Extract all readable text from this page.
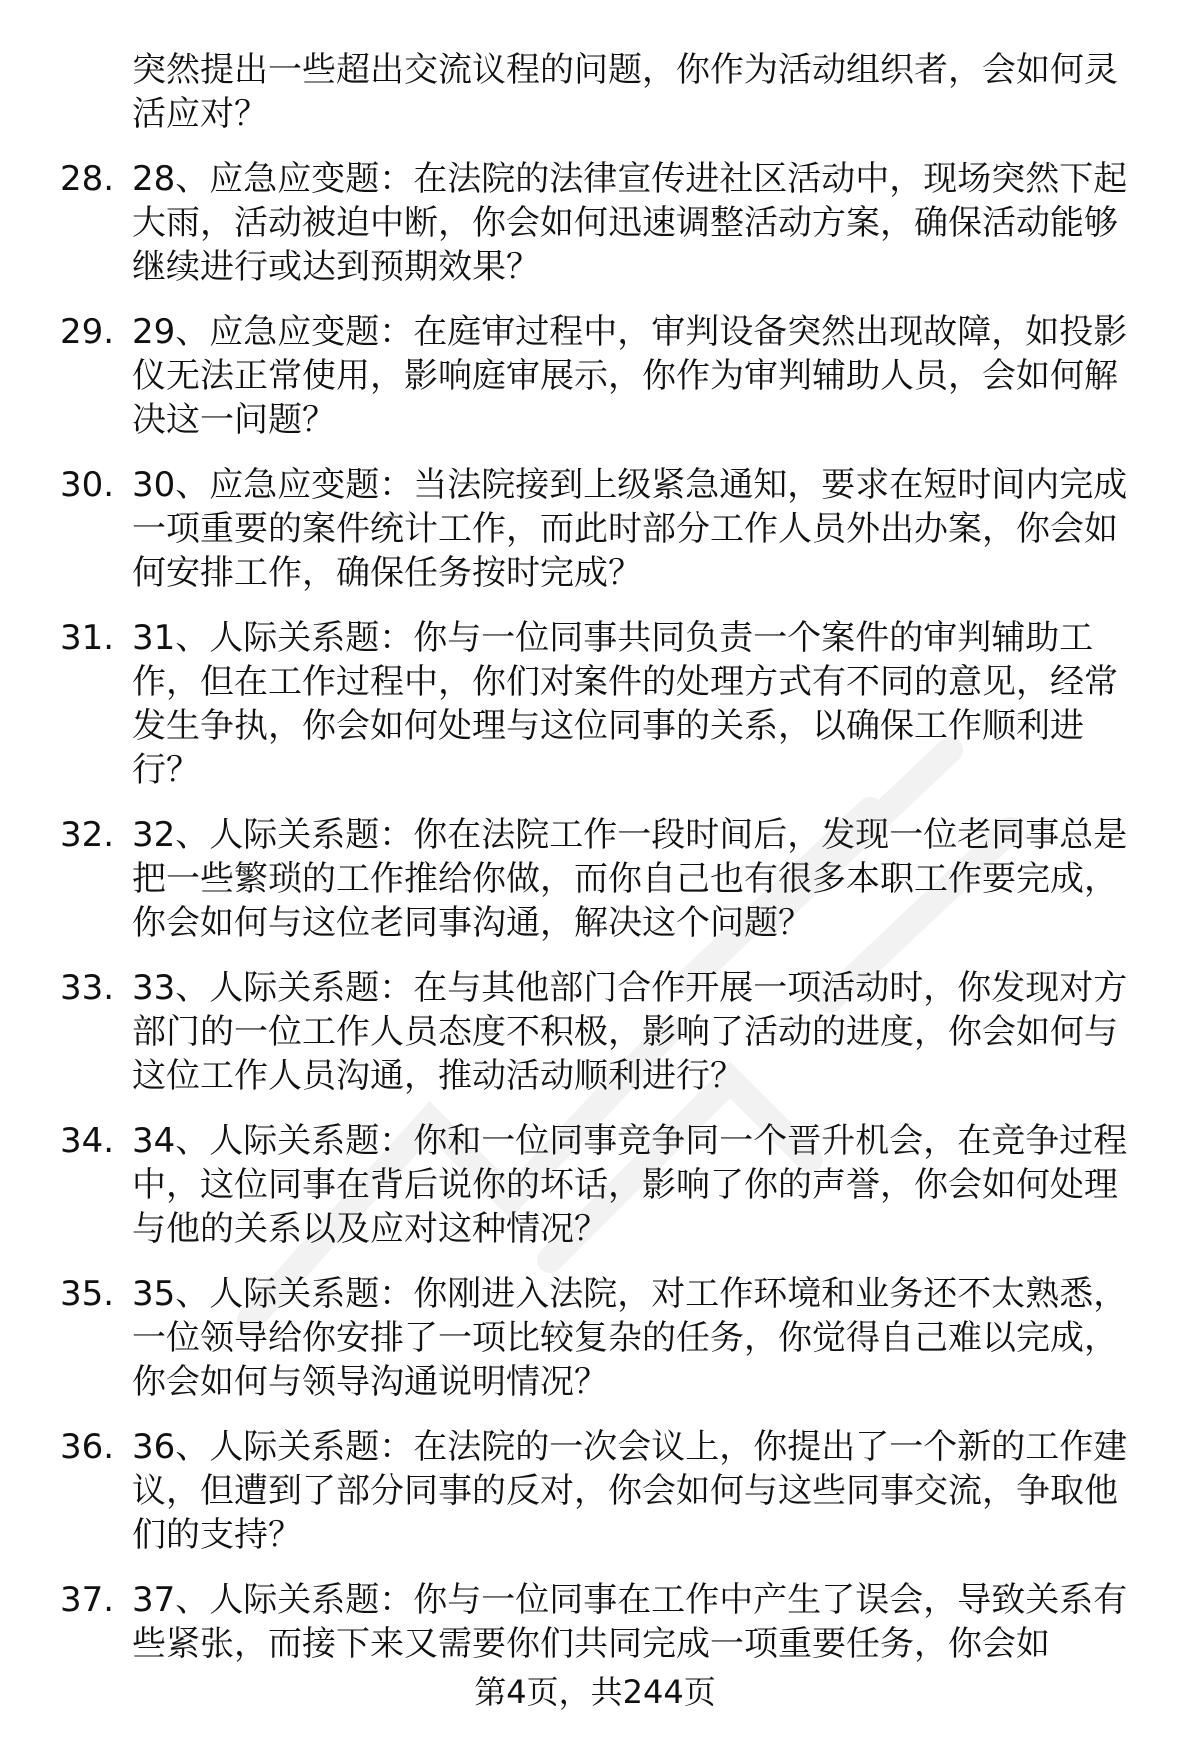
突然提出一些超出交流议程的问题，你作为活动组织者，会如何灵活应对？
28. 28、应急应变题：在法院的法律宣传进社区活动中，现场突然下起大雨，活动被迫中断，你会如何迅速调整活动方案，确保活动能够继续进行或达到预期效果？
29. 29、应急应变题：在庭审过程中，审判设备突然出现故障，如投影仪无法正常使用，影响庭审展示，你作为审判辅助人员，会如何解决这一问题？
30. 30、应急应变题：当法院接到上级紧急通知，要求在短时间内完成一项重要的案件统计工作，而此时部分工作人员外出办案，你会如何安排工作，确保任务按时完成？
31. 31、人际关系题：你与一位同事共同负责一个案件的审判辅助工作，但在工作过程中，你们对案件的处理方式有不同的意见，经常发生争执，你会如何处理与这位同事的关系，以确保工作顺利进行？
32. 32、人际关系题：你在法院工作一段时间后，发现一位老同事总是把一些繁琐的工作推给你做，而你自己也有很多本职工作要完成，你会如何与这位老同事沟通，解决这个问题？
33. 33、人际关系题：在与其他部门合作开展一项活动时，你发现对方部门的一位工作人员态度不积极，影响了活动的进度，你会如何与这位工作人员沟通，推动活动顺利进行？
34. 34、人际关系题：你和一位同事竞争同一个晋升机会，在竞争过程中，这位同事在背后说你的坏话，影响了你的声誉，你会如何处理与他的关系以及应对这种情况？
35. 35、人际关系题：你刚进入法院，对工作环境和业务还不太熟悉，一位领导给你安排了一项比较复杂的任务，你觉得自己难以完成，你会如何与领导沟通说明情况？
36. 36、人际关系题：在法院的一次会议上，你提出了一个新的工作建议，但遭到了部分同事的反对，你会如何与这些同事交流，争取他们的支持？
37. 37、人际关系题：你与一位同事在工作中产生了误会，导致关系有些紧张，而接下来又需要你们共同完成一项重要任务，你会如
第4页，共244页
